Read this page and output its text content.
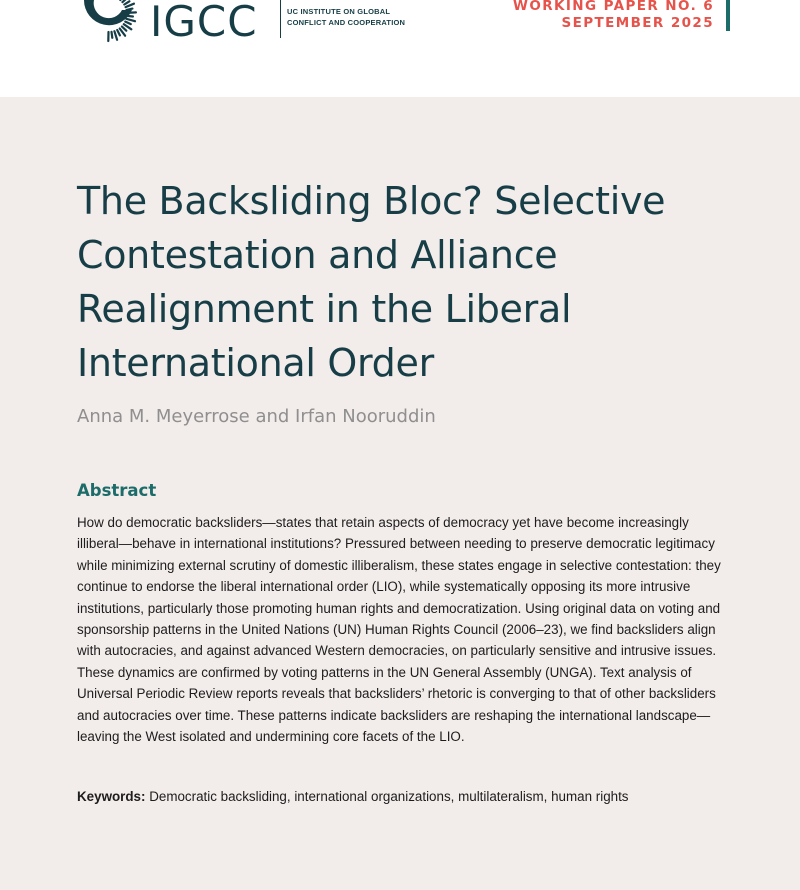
IGCC	UC INSTITUTE ON GLOBAL
CONFLICT AND COOPERATION
WORKING PAPER NO. 6
SEPTEMBER 2025
The Backsliding Bloc? Selective Contestation and Alliance Realignment in the Liberal International Order

Anna M. Meyerrose and Irfan Nooruddin

Abstract

How do democratic backsliders—states that retain aspects of democracy yet have become increasingly illiberal—behave in international institutions? Pressured between needing to preserve democratic legitimacy while minimizing external scrutiny of domestic illiberalism, these states engage in selective contestation: they continue to endorse the liberal international order (LIO), while systematically opposing its more intrusive institutions, particularly those promoting human rights and democratization. Using original data on voting and sponsorship patterns in the United Nations (UN) Human Rights Council (2006–23), we find backsliders align with autocracies, and against advanced Western democracies, on particularly sensitive and intrusive issues. These dynamics are confirmed by voting patterns in the UN General Assembly (UNGA). Text analysis of Universal Periodic Review reports reveals that backsliders’ rhetoric is converging to that of other backsliders and autocracies over time. These patterns indicate backsliders are reshaping the international landscape—leaving the West isolated and undermining core facets of the LIO.

Keywords: Democratic backsliding, international organizations, multilateralism, human rights
